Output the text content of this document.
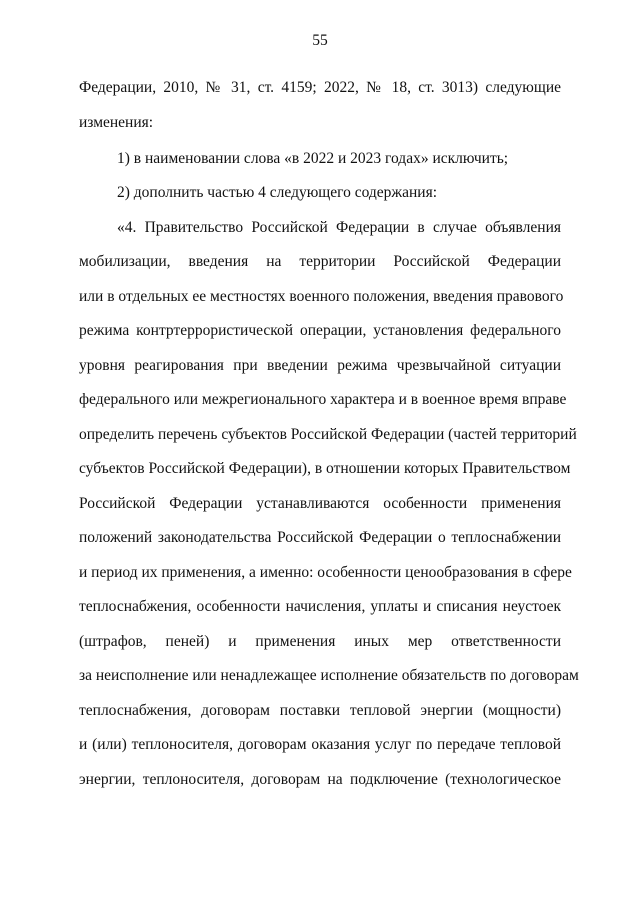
55
Федерации, 2010, № 31, ст. 4159; 2022, № 18, ст. 3013) следующие
изменения:
1) в наименовании слова «в 2022 и 2023 годах» исключить;
2) дополнить частью 4 следующего содержания:
«4. Правительство Российской Федерации в случае объявления
мобилизации, введения на территории Российской Федерации
или в отдельных ее местностях военного положения, введения правового
режима контртеррористической операции, установления федерального
уровня реагирования при введении режима чрезвычайной ситуации
федерального или межрегионального характера и в военное время вправе
определить перечень субъектов Российской Федерации (частей территорий
субъектов Российской Федерации), в отношении которых Правительством
Российской Федерации устанавливаются особенности применения
положений законодательства Российской Федерации о теплоснабжении
и период их применения, а именно: особенности ценообразования в сфере
теплоснабжения, особенности начисления, уплаты и списания неустоек
(штрафов, пеней) и применения иных мер ответственности
за неисполнение или ненадлежащее исполнение обязательств по договорам
теплоснабжения, договорам поставки тепловой энергии (мощности)
и (или) теплоносителя, договорам оказания услуг по передаче тепловой
энергии, теплоносителя, договорам на подключение (технологическое
